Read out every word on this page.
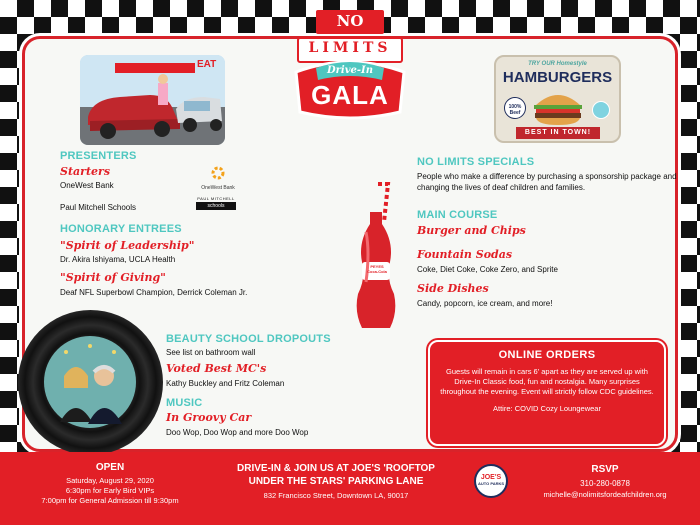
EAT
NO
LIMITS
Drive-In
GALA
TRY OUR Homestyle
HAMBURGERS
100% Beef
BEST IN TOWN!
PRESENTERS
Starters
OneWest Bank
Paul Mitchell Schools
OneWest Bank
PAUL MITCHELL
schools
HONORARY ENTREES
"Spirit of Leadership"
Dr. Akira Ishiyama, UCLA Health
"Spirit of Giving"
Deaf NFL Superbowl Champion, Derrick Coleman Jr.
PEYES
Coca-Cola
NO LIMITS SPECIALS
People who make a difference by purchasing a sponsorship package and changing the lives of deaf children and families.
MAIN COURSE
Burger and Chips
Fountain Sodas
Coke, Diet Coke, Coke Zero, and Sprite
Side Dishes
Candy, popcorn, ice cream, and more!
BEAUTY SCHOOL DROPOUTS
See list on bathroom wall
Voted Best MC's
Kathy Buckley and Fritz Coleman
MUSIC
In Groovy Car
Doo Wop, Doo Wop and more Doo Wop
ONLINE ORDERS
Guests will remain in cars 6' apart as they are served up with Drive-In Classic food, fun and nostalgia. Many surprises throughout the evening. Event will strictly follow CDC guidelines.
Attire: COVID Cozy Loungewear
OPEN
Saturday, August 29, 2020
6:30pm for Early Bird VIPs
7:00pm for General Admission till 9:30pm
DRIVE-IN & JOIN US AT JOE'S 'ROOFTOP
UNDER THE STARS' PARKING LANE
832 Francisco Street, Downtown LA, 90017
JOE'S
AUTO PARKS
RSVP
310-280-0878
michelle@nolimitsfordeafchildren.org
